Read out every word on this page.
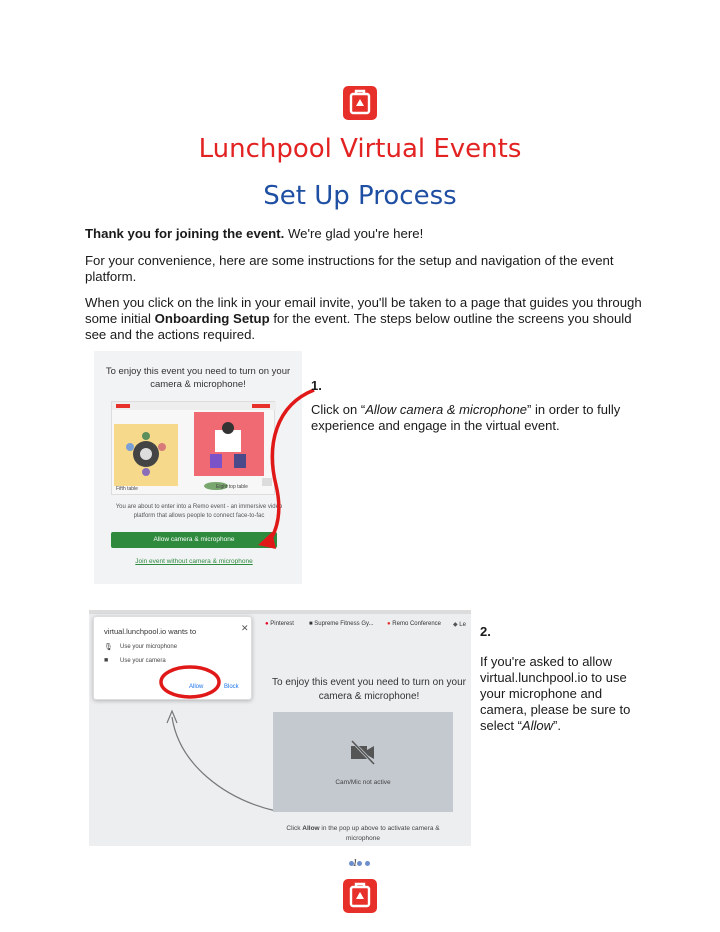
Lunchpool Virtual Events
Set Up Process
Thank you for joining the event. We're glad you're here!
For your convenience, here are some instructions for the setup and navigation of the event platform.
When you click on the link in your email invite, you'll be taken to a page that guides you through some initial Onboarding Setup for the event. The steps below outline the screens you should see and the actions required.
To enjoy this event you need to turn on your camera & microphone!
Fifth table	Eight top table
You are about to enter into a Remo event - an immersive video platform that allows people to connect face-to-fac
Allow camera & microphone
Join event without camera & microphone
1.
Click on “Allow camera & microphone” in order to fully experience and engage in the virtual event.
● Pinterest	■ Supreme Fitness Gy... ● Remo Conference ◆ Le
virtual.lunchpool.io wants to	✕
🎙 Use your microphone
■ Use your camera
Allow	Block	To enjoy this event you need to turn on your camera & microphone!
Cam/Mic not active
Click Allow in the pop up above to activate camera & microphone
2.
If you're asked to allow virtual.lunchpool.io to use your microphone and camera, please be sure to select “Allow”.
1
